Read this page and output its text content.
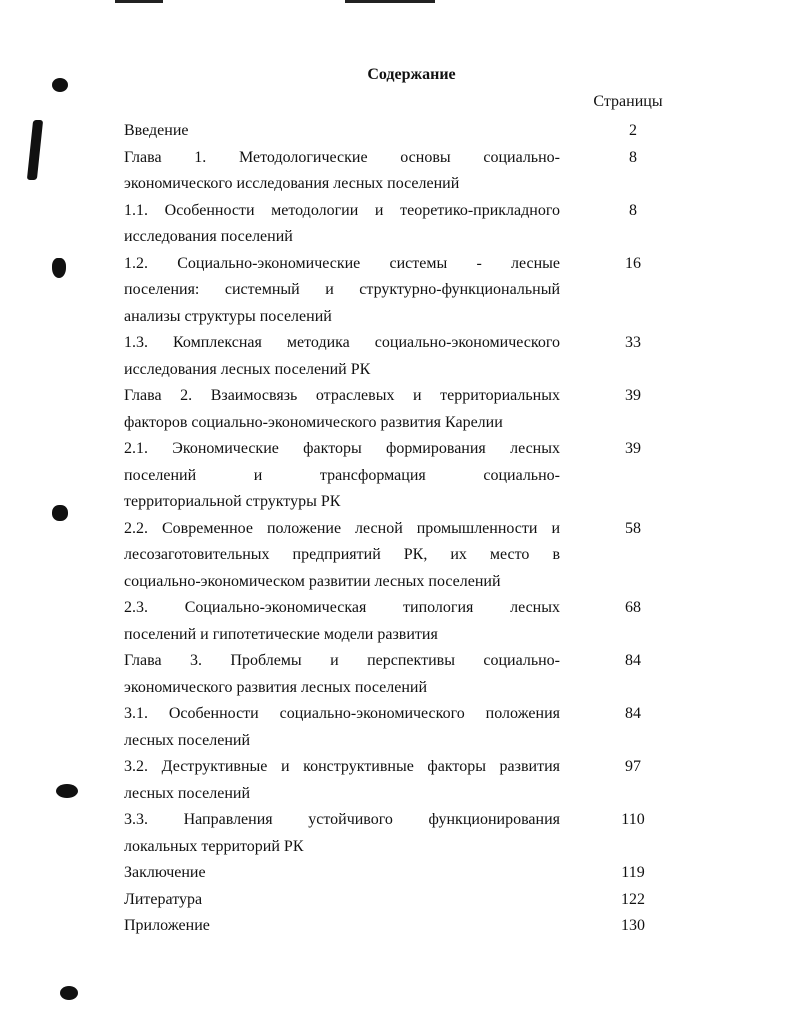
Содержание
Страницы
Введение	2
Глава 1. Методологические основы социально-	8
экономического исследования лесных поселений
1.1. Особенности методологии и теоретико-прикладного	8
исследования поселений
1.2. Социально-экономические системы - лесные	16
поселения: системный и структурно-функциональный
анализы структуры поселений
1.3. Комплексная методика социально-экономического	33
исследования лесных поселений РК
Глава 2. Взаимосвязь отраслевых и территориальных	39
факторов социально-экономического развития Карелии
2.1. Экономические факторы формирования лесных	39
поселений и трансформация социально-
территориальной структуры РК
2.2. Современное положение лесной промышленности и	58
лесозаготовительных предприятий РК, их место в
социально-экономическом развитии лесных поселений
2.3. Социально-экономическая типология лесных	68
поселений и гипотетические модели развития
Глава 3. Проблемы и перспективы социально-	84
экономического развития лесных поселений
3.1. Особенности социально-экономического положения	84
лесных поселений
3.2. Деструктивные и конструктивные факторы развития	97
лесных поселений
3.3. Направления устойчивого функционирования	110
локальных территорий РК
Заключение	119
Литература	122
Приложение	130
